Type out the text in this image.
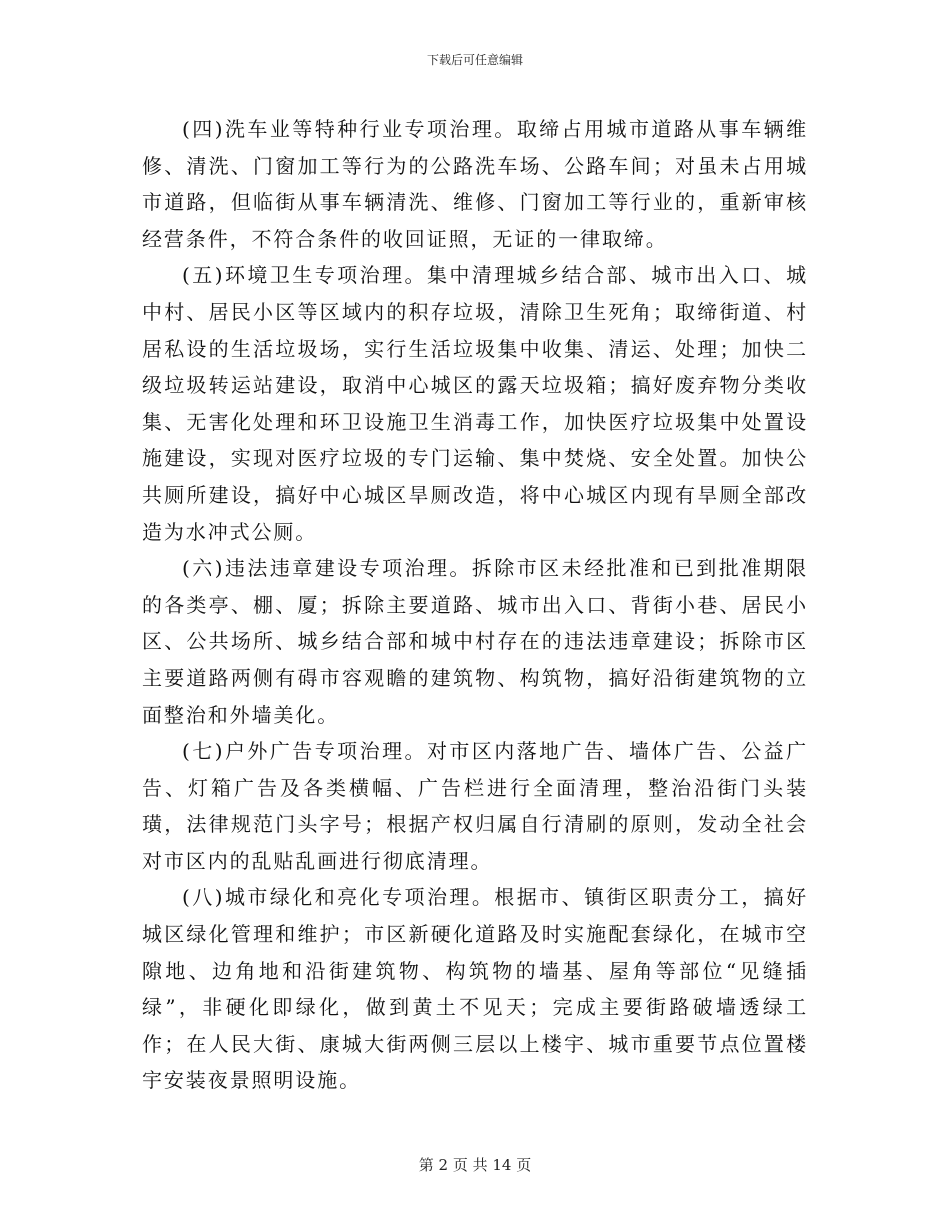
下载后可任意编辑

(四)洗车业等特种行业专项治理。取缔占用城市道路从事车辆维修、清洗、门窗加工等行为的公路洗车场、公路车间；对虽未占用城市道路，但临街从事车辆清洗、维修、门窗加工等行业的，重新审核经营条件，不符合条件的收回证照，无证的一律取缔。

(五)环境卫生专项治理。集中清理城乡结合部、城市出入口、城中村、居民小区等区域内的积存垃圾，清除卫生死角；取缔街道、村居私设的生活垃圾场，实行生活垃圾集中收集、清运、处理；加快二级垃圾转运站建设，取消中心城区的露天垃圾箱；搞好废弃物分类收集、无害化处理和环卫设施卫生消毒工作，加快医疗垃圾集中处置设施建设，实现对医疗垃圾的专门运输、集中焚烧、安全处置。加快公共厕所建设，搞好中心城区旱厕改造，将中心城区内现有旱厕全部改造为水冲式公厕。

(六)违法违章建设专项治理。拆除市区未经批准和已到批准期限的各类亭、棚、厦；拆除主要道路、城市出入口、背街小巷、居民小区、公共场所、城乡结合部和城中村存在的违法违章建设；拆除市区主要道路两侧有碍市容观瞻的建筑物、构筑物，搞好沿街建筑物的立面整治和外墙美化。

(七)户外广告专项治理。对市区内落地广告、墙体广告、公益广告、灯箱广告及各类横幅、广告栏进行全面清理，整治沿街门头装璜，法律规范门头字号；根据产权归属自行清刷的原则，发动全社会对市区内的乱贴乱画进行彻底清理。

(八)城市绿化和亮化专项治理。根据市、镇街区职责分工，搞好城区绿化管理和维护；市区新硬化道路及时实施配套绿化，在城市空隙地、边角地和沿街建筑物、构筑物的墙基、屋角等部位“见缝插绿”，非硬化即绿化，做到黄土不见天；完成主要街路破墙透绿工作；在人民大街、康城大街两侧三层以上楼宇、城市重要节点位置楼宇安装夜景照明设施。

第 2 页 共 14 页
